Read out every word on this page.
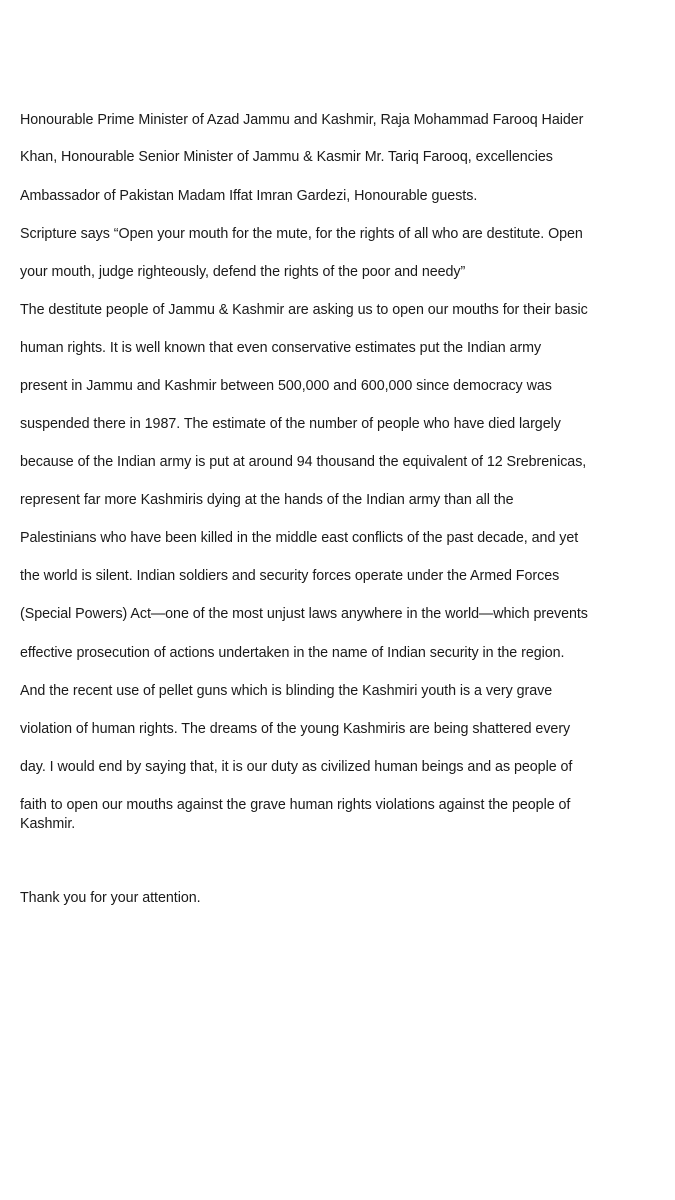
Honourable Prime Minister of Azad Jammu and Kashmir, Raja Mohammad Farooq Haider
Khan, Honourable Senior Minister of Jammu & Kasmir Mr. Tariq Farooq, excellencies
Ambassador of Pakistan Madam Iffat Imran Gardezi, Honourable guests.
Scripture says “Open your mouth for the mute, for the rights of all who are destitute. Open
your mouth, judge righteously, defend the rights of the poor and needy”
The destitute people of Jammu & Kashmir are asking us to open our mouths for their basic
human rights. It is well known that even conservative estimates put the Indian army
present in Jammu and Kashmir between 500,000 and 600,000 since democracy was
suspended there in 1987. The estimate of the number of people who have died largely
because of the Indian army is put at around 94 thousand the equivalent of 12 Srebrenicas,
represent far more Kashmiris dying at the hands of the Indian army than all the
Palestinians who have been killed in the middle east conflicts of the past decade, and yet
the world is silent. Indian soldiers and security forces operate under the Armed Forces
(Special Powers) Act—one of the most unjust laws anywhere in the world—which prevents
effective prosecution of actions undertaken in the name of Indian security in the region.
And the recent use of pellet guns which is blinding the Kashmiri youth is a very grave
violation of human rights. The dreams of the young Kashmiris are being shattered every
day. I would end by saying that, it is our duty as civilized human beings and as people of
faith to open our mouths against the grave human rights violations against the people of
Kashmir.
Thank you for your attention.
